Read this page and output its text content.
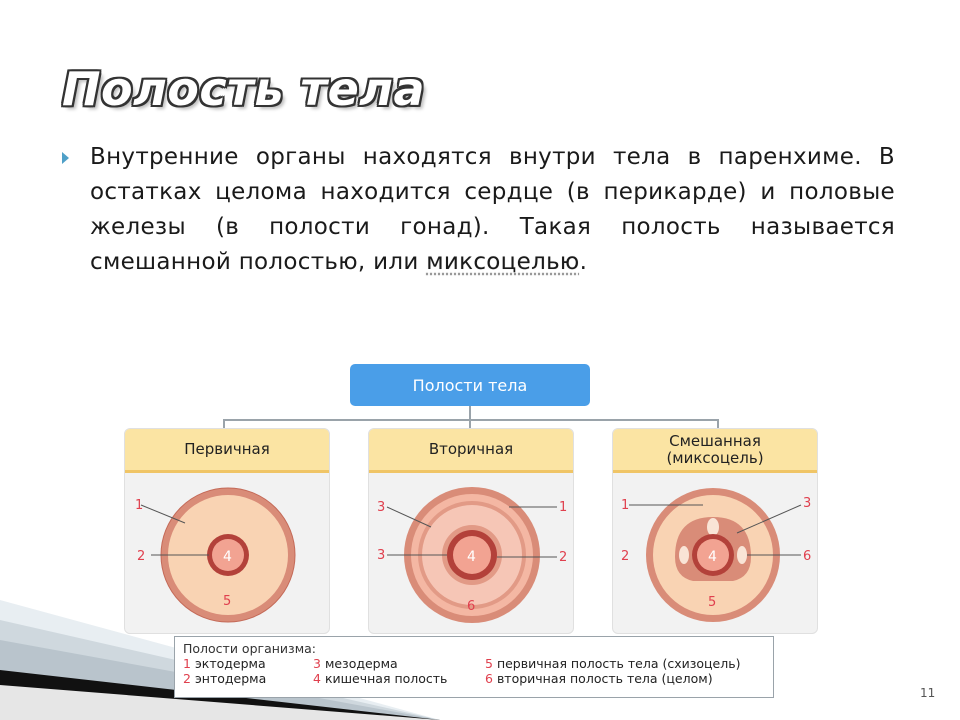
Полость тела
Внутренние органы находятся внутри тела в паренхиме. В остатках целома находится сердце (в перикарде) и половые железы (в полости гонад). Такая полость называется смешанной полостью, или миксоцелью.
Полости тела
Первичная
1
2	4
5
Вторичная
3	1
3	2
4
6
Смешанная
(миксоцель)
1	3
2	6
4
5
Полости организма:
1 эктодерма	3 мезодерма	5 первичная полость тела (схизоцель)
2 энтодерма	4 кишечная полость	6 вторичная полость тела (целом)
11
